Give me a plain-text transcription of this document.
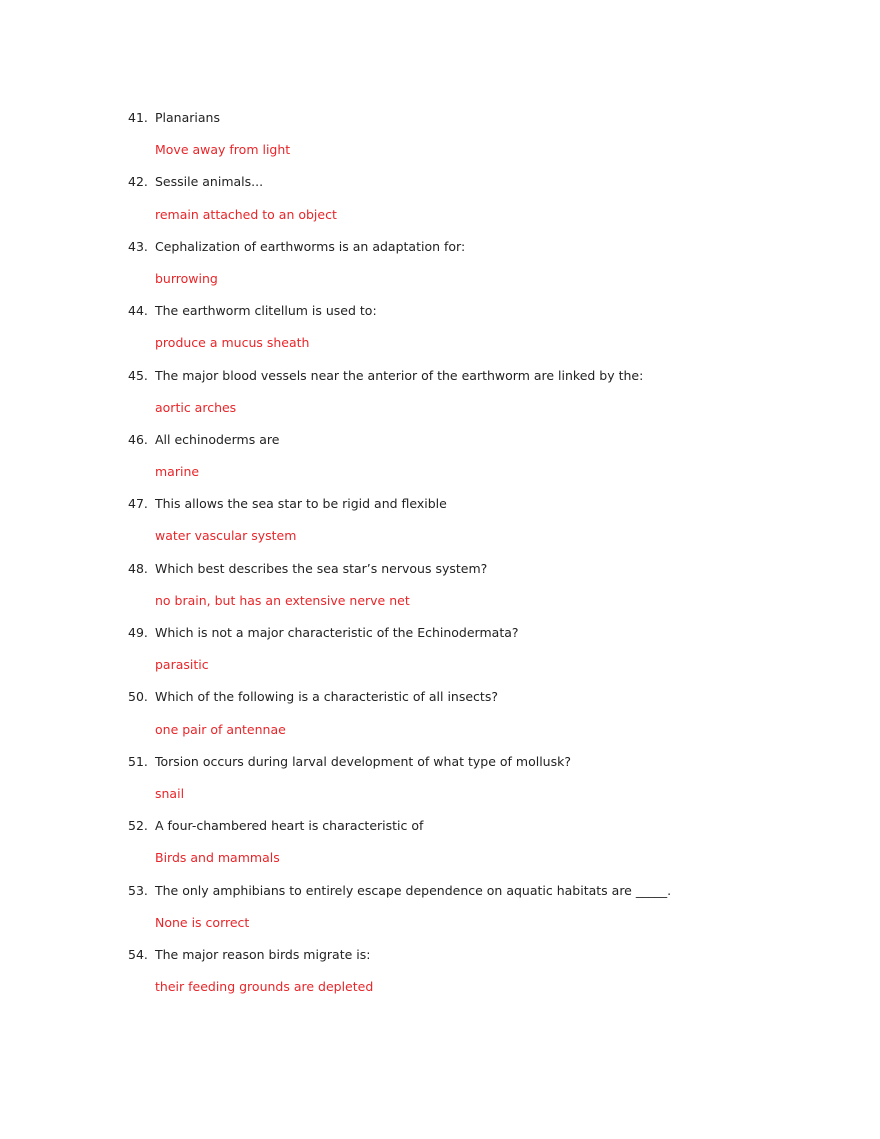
41. Planarians
Move away from light
42. Sessile animals...
remain attached to an object
43. Cephalization of earthworms is an adaptation for:
burrowing
44. The earthworm clitellum is used to:
produce a mucus sheath
45. The major blood vessels near the anterior of the earthworm are linked by the:
aortic arches
46. All echinoderms are
marine
47. This allows the sea star to be rigid and flexible
water vascular system
48. Which best describes the sea star’s nervous system?
no brain, but has an extensive nerve net
49. Which is not a major characteristic of the Echinodermata?
parasitic
50. Which of the following is a characteristic of all insects?
one pair of antennae
51. Torsion occurs during larval development of what type of mollusk?
snail
52. A four-chambered heart is characteristic of
Birds and mammals
53. The only amphibians to entirely escape dependence on aquatic habitats are _____.
None is correct
54. The major reason birds migrate is:
their feeding grounds are depleted
